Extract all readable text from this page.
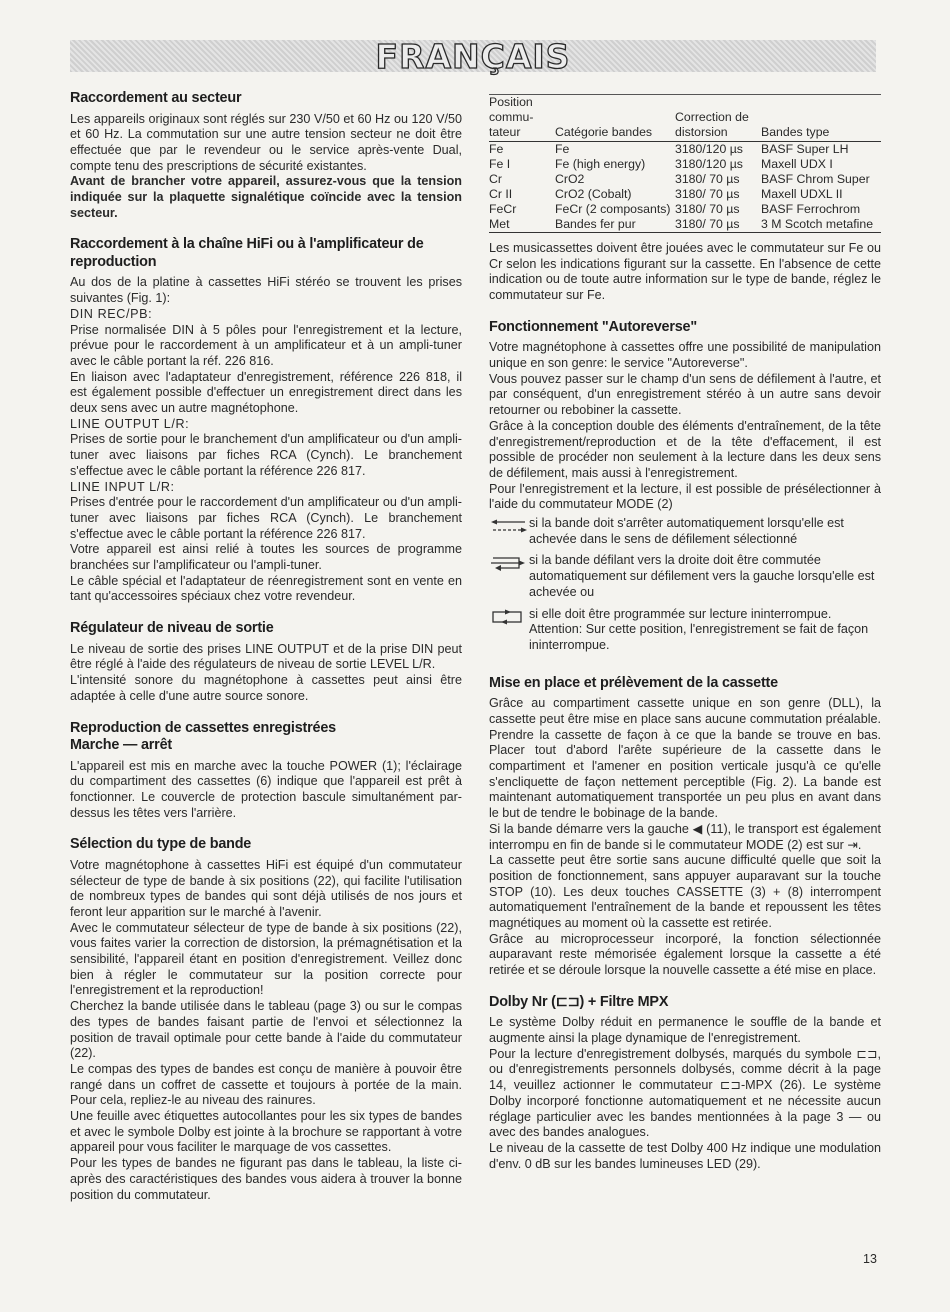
FRANÇAIS
Raccordement au secteur

Les appareils originaux sont réglés sur 230 V/50 et 60 Hz ou 120 V/50 et 60 Hz. La commutation sur une autre tension secteur ne doit être effectuée que par le revendeur ou le service après-vente Dual, compte tenu des prescriptions de sécurité existantes.

Avant de brancher votre appareil, assurez-vous que la tension indiquée sur la plaquette signalétique coïncide avec la tension secteur.

Raccordement à la chaîne HiFi ou à l'amplificateur de reproduction

Au dos de la platine à cassettes HiFi stéréo se trouvent les prises suivantes (Fig. 1):

DIN REC/PB:

Prise normalisée DIN à 5 pôles pour l'enregistrement et la lecture, prévue pour le raccordement à un amplificateur et à un ampli-tuner avec le câble portant la réf. 226 816.

En liaison avec l'adaptateur d'enregistrement, référence 226 818, il est également possible d'effectuer un enregistrement direct dans les deux sens avec un autre magnétophone.

LINE OUTPUT L/R:

Prises de sortie pour le branchement d'un amplificateur ou d'un ampli-tuner avec liaisons par fiches RCA (Cynch). Le branchement s'effectue avec le câble portant la référence 226 817.

LINE INPUT L/R:

Prises d'entrée pour le raccordement d'un amplificateur ou d'un ampli-tuner avec liaisons par fiches RCA (Cynch). Le branchement s'effectue avec le câble portant la référence 226 817.

Votre appareil est ainsi relié à toutes les sources de programme branchées sur l'amplificateur ou l'ampli-tuner.

Le câble spécial et l'adaptateur de réenregistrement sont en vente en tant qu'accessoires spéciaux chez votre revendeur.

Régulateur de niveau de sortie

Le niveau de sortie des prises LINE OUTPUT et de la prise DIN peut être réglé à l'aide des régulateurs de niveau de sortie LEVEL L/R.

L'intensité sonore du magnétophone à cassettes peut ainsi être adaptée à celle d'une autre source sonore.

Reproduction de cassettes enregistrées
Marche — arrêt

L'appareil est mis en marche avec la touche POWER (1); l'éclairage du compartiment des cassettes (6) indique que l'appareil est prêt à fonctionner. Le couvercle de protection bascule simultanément par-dessus les têtes vers l'arrière.

Sélection du type de bande

Votre magnétophone à cassettes HiFi est équipé d'un commutateur sélecteur de type de bande à six positions (22), qui facilite l'utilisation de nombreux types de bandes qui sont déjà utilisés de nos jours et feront leur apparition sur le marché à l'avenir.

Avec le commutateur sélecteur de type de bande à six positions (22), vous faites varier la correction de distorsion, la prémagnétisation et la sensibilité, l'appareil étant en position d'enregistrement. Veillez donc bien à régler le commutateur sur la position correcte pour l'enregistrement et la reproduction!

Cherchez la bande utilisée dans le tableau (page 3) ou sur le compas des types de bandes faisant partie de l'envoi et sélectionnez la position de travail optimale pour cette bande à l'aide du commutateur (22).

Le compas des types de bandes est conçu de manière à pouvoir être rangé dans un coffret de cassette et toujours à portée de la main. Pour cela, repliez-le au niveau des rainures.

Une feuille avec étiquettes autocollantes pour les six types de bandes et avec le symbole Dolby est jointe à la brochure se rapportant à votre appareil pour vous faciliter le marquage de vos cassettes.

Pour les types de bandes ne figurant pas dans le tableau, la liste ci-après des caractéristiques des bandes vous aidera à trouver la bonne position du commutateur.

Position commu- tateur	Catégorie bandes	Correction de distorsion	Bandes type
Fe	Fe	3180/120 µs	BASF Super LH
Fe I	Fe (high energy)	3180/120 µs	Maxell UDX I
Cr	CrO2	3180/ 70 µs	BASF Chrom Super
Cr II	CrO2 (Cobalt)	3180/ 70 µs	Maxell UDXL II
FeCr	FeCr (2 composants)	3180/ 70 µs	BASF Ferrochrom
Met	Bandes fer pur	3180/ 70 µs	3 M Scotch metafine

Les musicassettes doivent être jouées avec le commutateur sur Fe ou Cr selon les indications figurant sur la cassette. En l'absence de cette indication ou de toute autre information sur le type de bande, réglez le commutateur sur Fe.

Fonctionnement "Autoreverse"

Votre magnétophone à cassettes offre une possibilité de manipulation unique en son genre: le service "Autoreverse".

Vous pouvez passer sur le champ d'un sens de défilement à l'autre, et par conséquent, d'un enregistrement stéréo à un autre sans devoir retourner ou rebobiner la cassette.

Grâce à la conception double des éléments d'entraînement, de la tête d'enregistrement/reproduction et de la tête d'effacement, il est possible de procéder non seulement à la lecture dans les deux sens de défilement, mais aussi à l'enregistrement.

Pour l'enregistrement et la lecture, il est possible de présélectionner à l'aide du commutateur MODE (2)

si la bande doit s'arrêter automatiquement lorsqu'elle est achevée dans le sens de défilement sélectionné
si la bande défilant vers la droite doit être commutée automatiquement sur défilement vers la gauche lorsqu'elle est achevée ou
si elle doit être programmée sur lecture ininterrompue. Attention: Sur cette position, l'enregistrement se fait de façon ininterrompue.
Mise en place et prélèvement de la cassette

Grâce au compartiment cassette unique en son genre (DLL), la cassette peut être mise en place sans aucune commutation préalable. Prendre la cassette de façon à ce que la bande se trouve en bas. Placer tout d'abord l'arête supérieure de la cassette dans le compartiment et l'amener en position verticale jusqu'à ce qu'elle s'encliquette de façon nettement perceptible (Fig. 2). La bande est maintenant automatiquement transportée un peu plus en avant dans le but de tendre le bobinage de la bande.

Si la bande démarre vers la gauche ◀ (11), le transport est également interrompu en fin de bande si le commutateur MODE (2) est sur ⇥.

La cassette peut être sortie sans aucune difficulté quelle que soit la position de fonctionnement, sans appuyer auparavant sur la touche STOP (10). Les deux touches CASSETTE (3) + (8) interrompent automatiquement l'entraînement de la bande et repoussent les têtes magnétiques au moment où la cassette est retirée.

Grâce au microprocesseur incorporé, la fonction sélectionnée auparavant reste mémorisée également lorsque la cassette a été retirée et se déroule lorsque la nouvelle cassette a été mise en place.

Dolby Nr (⊏⊐) + Filtre MPX

Le système Dolby réduit en permanence le souffle de la bande et augmente ainsi la plage dynamique de l'enregistrement.

Pour la lecture d'enregistrement dolbysés, marqués du symbole ⊏⊐, ou d'enregistrements personnels dolbysés, comme décrit à la page 14, veuillez actionner le commutateur ⊏⊐-MPX (26). Le système Dolby incorporé fonctionne automatiquement et ne nécessite aucun réglage particulier avec les bandes mentionnées à la page 3 — ou avec des bandes analogues.

Le niveau de la cassette de test Dolby 400 Hz indique une modulation d'env. 0 dB sur les bandes lumineuses LED (29).

13
